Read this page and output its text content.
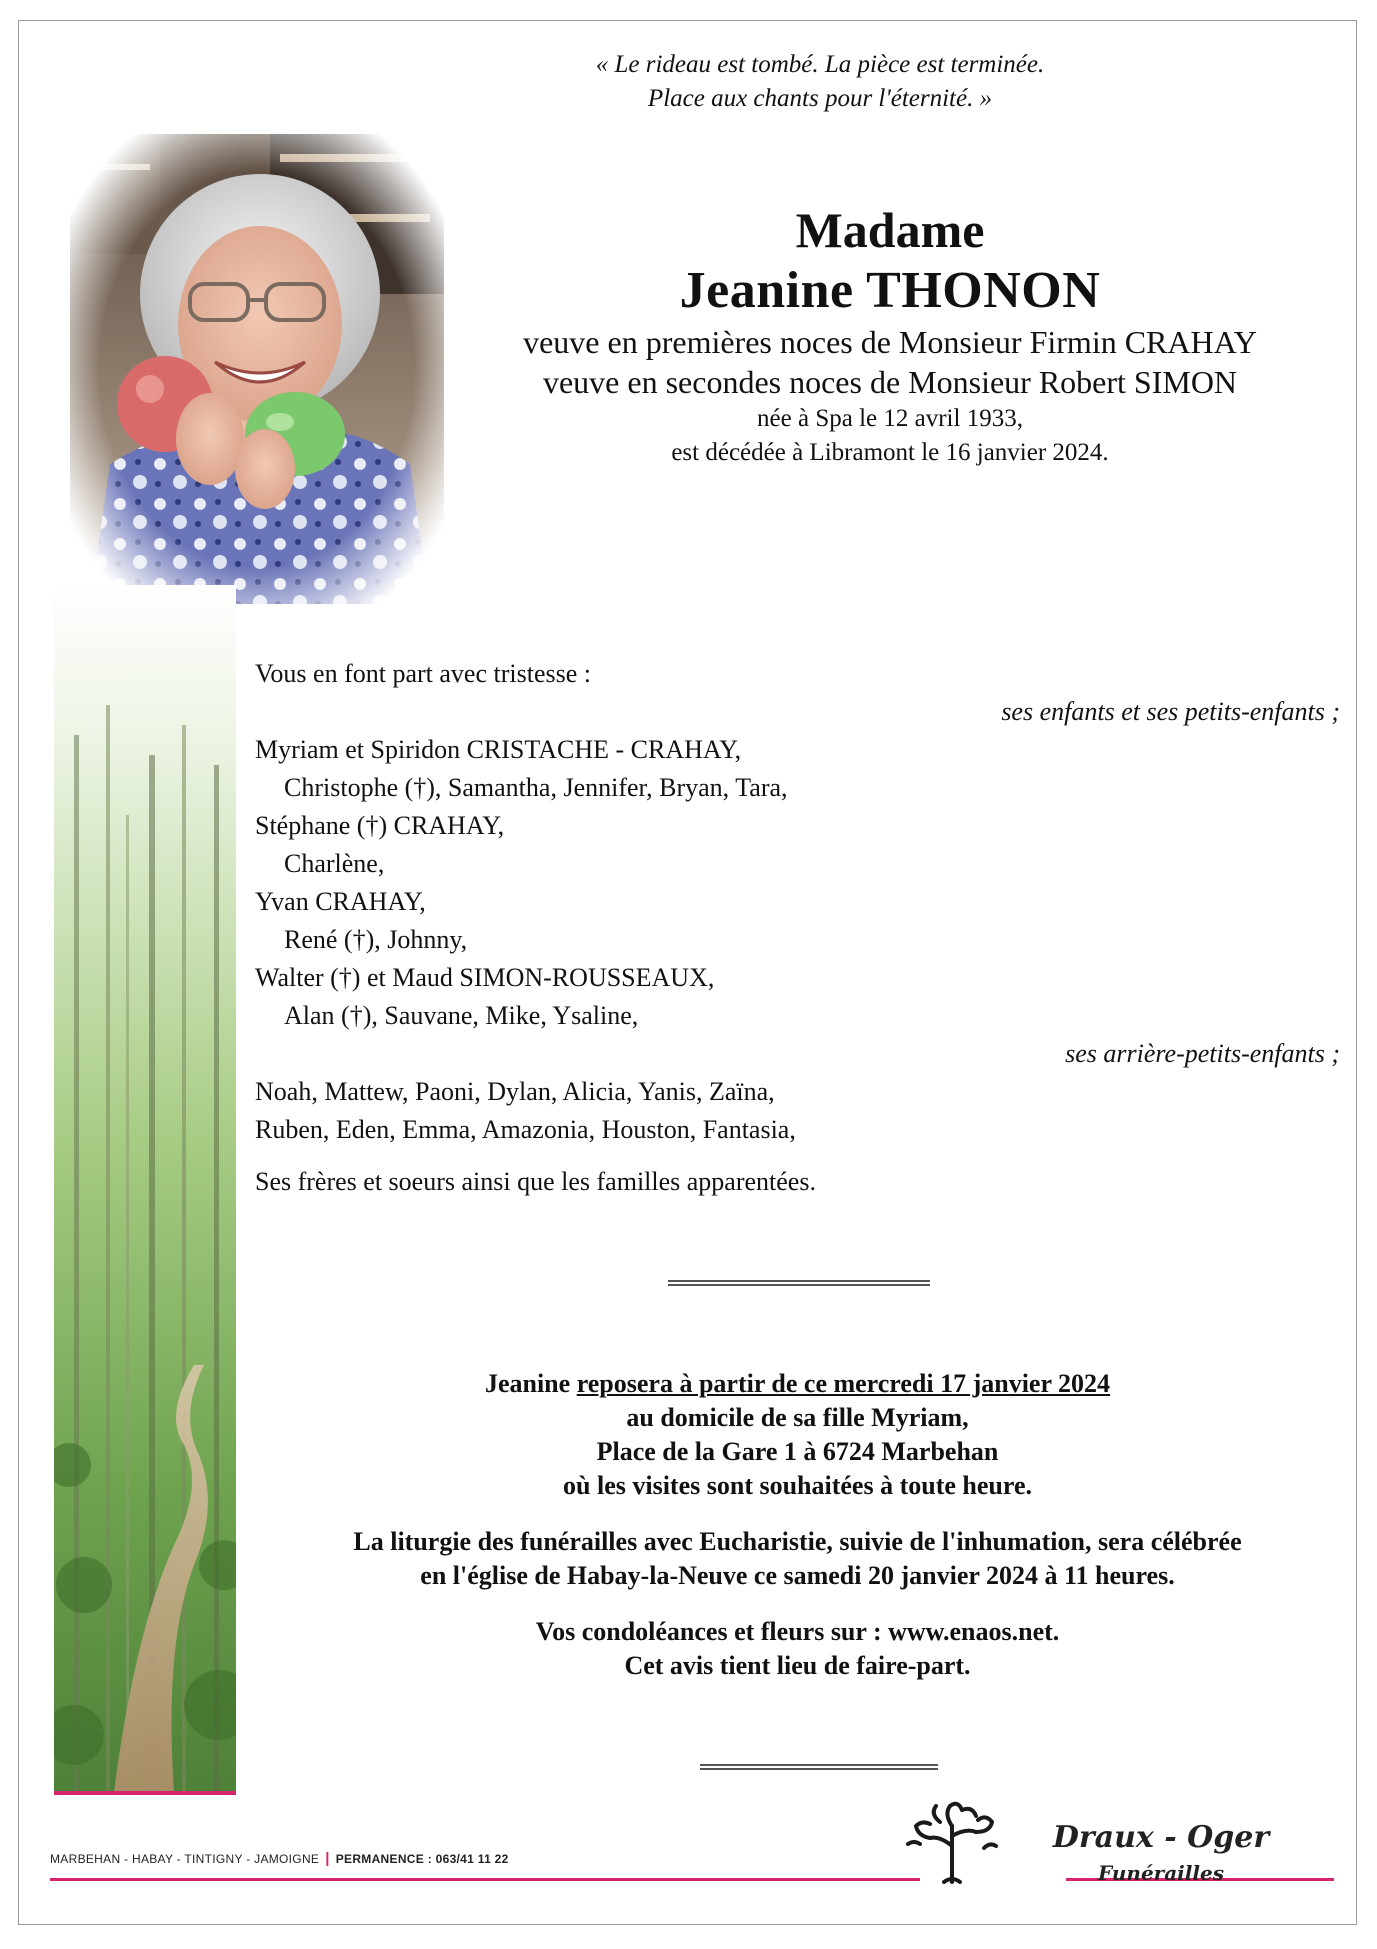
« Le rideau est tombé. La pièce est terminée.
Place aux chants pour l'éternité. »
Madame
Jeanine THONON
veuve en premières noces de Monsieur Firmin CRAHAY
veuve en secondes noces de Monsieur Robert SIMON
née à Spa le 12 avril 1933,
est décédée à Libramont le 16 janvier 2024.
Vous en font part avec tristesse :
ses enfants et ses petits-enfants ;
Myriam et Spiridon CRISTACHE - CRAHAY,
Christophe (†), Samantha, Jennifer, Bryan, Tara,
Stéphane (†) CRAHAY,
Charlène,
Yvan CRAHAY,
René (†), Johnny,
Walter (†) et Maud SIMON-ROUSSEAUX,
Alan (†), Sauvane, Mike, Ysaline,
ses arrière-petits-enfants ;
Noah, Mattew, Paoni, Dylan, Alicia, Yanis, Zaïna,
Ruben, Eden, Emma, Amazonia, Houston, Fantasia,
Ses frères et soeurs ainsi que les familles apparentées.
Jeanine reposera à partir de ce mercredi 17 janvier 2024
au domicile de sa fille Myriam,
Place de la Gare 1 à 6724 Marbehan
où les visites sont souhaitées à toute heure.
La liturgie des funérailles avec Eucharistie, suivie de l'inhumation, sera célébrée
en l'église de Habay-la-Neuve ce samedi 20 janvier 2024 à 11 heures.
Vos condoléances et fleurs sur : www.enaos.net.
Cet avis tient lieu de faire-part.
MARBEHAN - HABAY - TINTIGNY - JAMOIGNE | PERMANENCE : 063/41 11 22
Draux - Oger
Funérailles
